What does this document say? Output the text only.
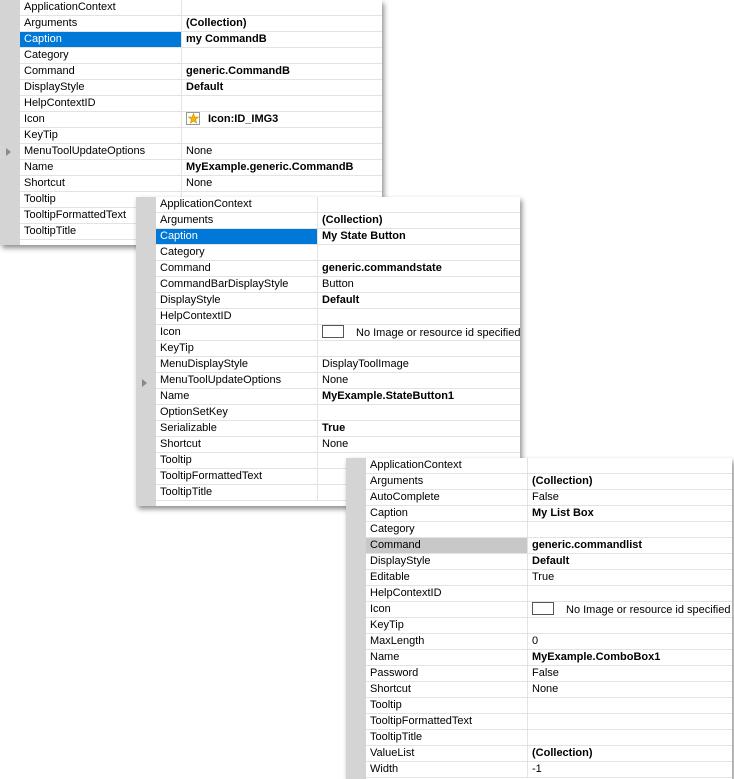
ApplicationContext
Arguments	(Collection)
Caption	my CommandB
Category
Command	generic.CommandB
DisplayStyle	Default
HelpContextID
Icon	Icon:ID_IMG3
KeyTip
MenuToolUpdateOptions	None
Name	MyExample.generic.CommandB
Shortcut	None
Tooltip
TooltipFormattedText
TooltipTitle
ApplicationContext
Arguments	(Collection)
Caption	My State Button
Category
Command	generic.commandstate
CommandBarDisplayStyle	Button
DisplayStyle	Default
HelpContextID
Icon	No Image or resource id specified
KeyTip
MenuDisplayStyle	DisplayToolImage
MenuToolUpdateOptions	None
Name	MyExample.StateButton1
OptionSetKey
Serializable	True
Shortcut	None
Tooltip
TooltipFormattedText
TooltipTitle
ApplicationContext
Arguments	(Collection)
AutoComplete	False
Caption	My List Box
Category
Command	generic.commandlist
DisplayStyle	Default
Editable	True
HelpContextID
Icon	No Image or resource id specified
KeyTip
MaxLength	0
Name	MyExample.ComboBox1
Password	False
Shortcut	None
Tooltip
TooltipFormattedText
TooltipTitle
ValueList	(Collection)
Width	-1
